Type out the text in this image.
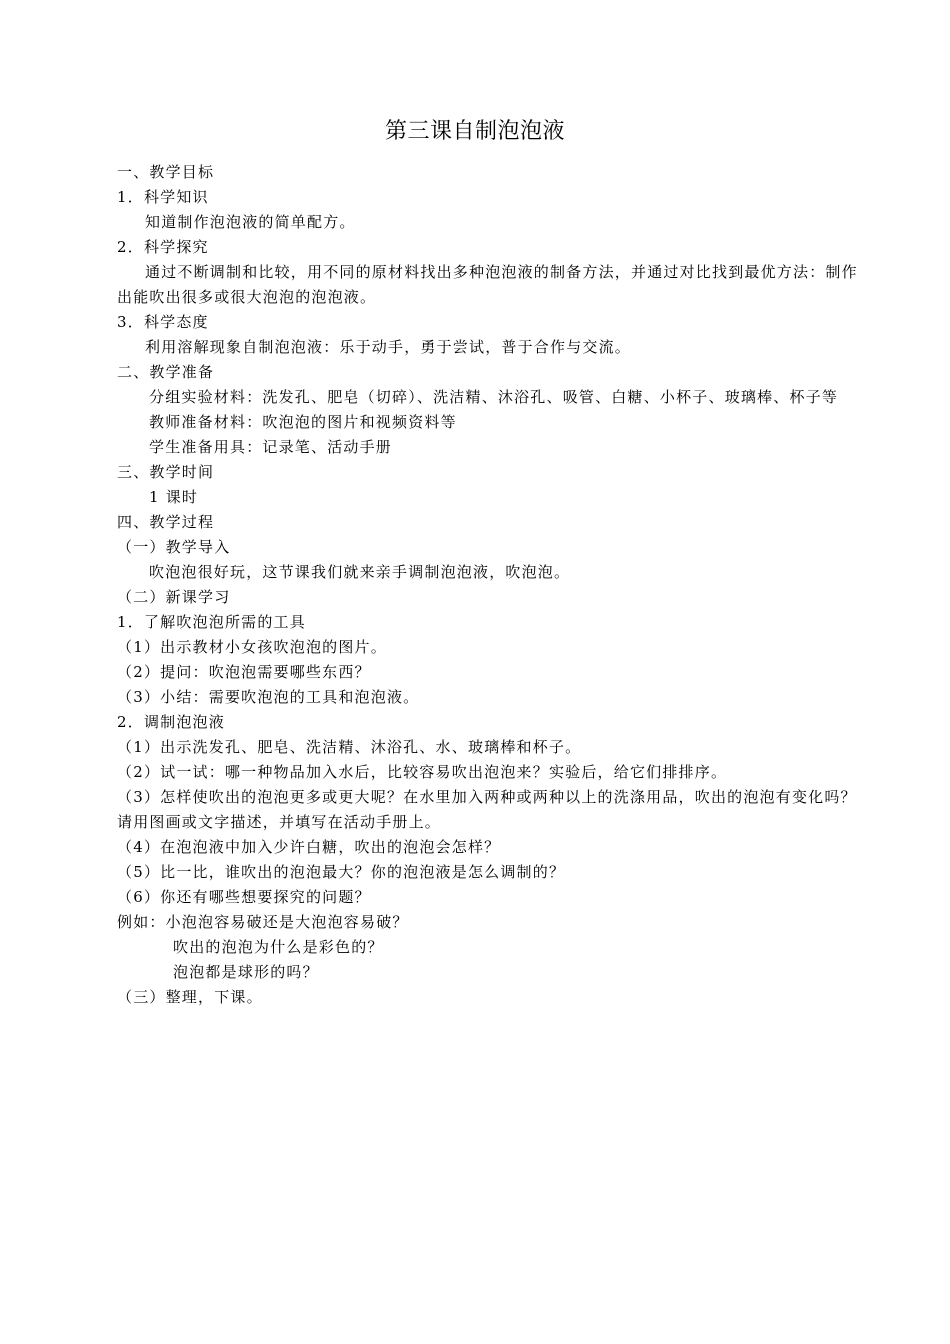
第三课自制泡泡液
一、教学目标
1．科学知识
知道制作泡泡液的简单配方。
2．科学探究
通过不断调制和比较，用不同的原材料找出多种泡泡液的制备方法，并通过对比找到最优方法：制作出能吹出很多或很大泡泡的泡泡液。
3．科学态度
利用溶解现象自制泡泡液：乐于动手，勇于尝试，普于合作与交流。
二、教学准备
分组实验材料：洗发孔、肥皂（切碎）、洗洁精、沐浴孔、吸管、白糖、小杯子、玻璃棒、杯子等
教师准备材料：吹泡泡的图片和视频资料等
学生准备用具：记录笔、活动手册
三、教学时间
1 课时
四、教学过程
（一）教学导入
吹泡泡很好玩，这节课我们就来亲手调制泡泡液，吹泡泡。
（二）新课学习
1．了解吹泡泡所需的工具
（1）出示教材小女孩吹泡泡的图片。
（2）提问：吹泡泡需要哪些东西？
（3）小结：需要吹泡泡的工具和泡泡液。
2．调制泡泡液
（1）出示洗发孔、肥皂、洗洁精、沐浴孔、水、玻璃棒和杯子。
（2）试一试：哪一种物品加入水后，比较容易吹出泡泡来？实验后，给它们排排序。
（3）怎样使吹出的泡泡更多或更大呢？在水里加入两种或两种以上的洗涤用品，吹出的泡泡有变化吗？请用图画或文字描述，并填写在活动手册上。
（4）在泡泡液中加入少许白糖，吹出的泡泡会怎样？
（5）比一比，谁吹出的泡泡最大？你的泡泡液是怎么调制的？
（6）你还有哪些想要探究的问题？
例如：小泡泡容易破还是大泡泡容易破？
吹出的泡泡为什么是彩色的？
泡泡都是球形的吗？
（三）整理，下课。
